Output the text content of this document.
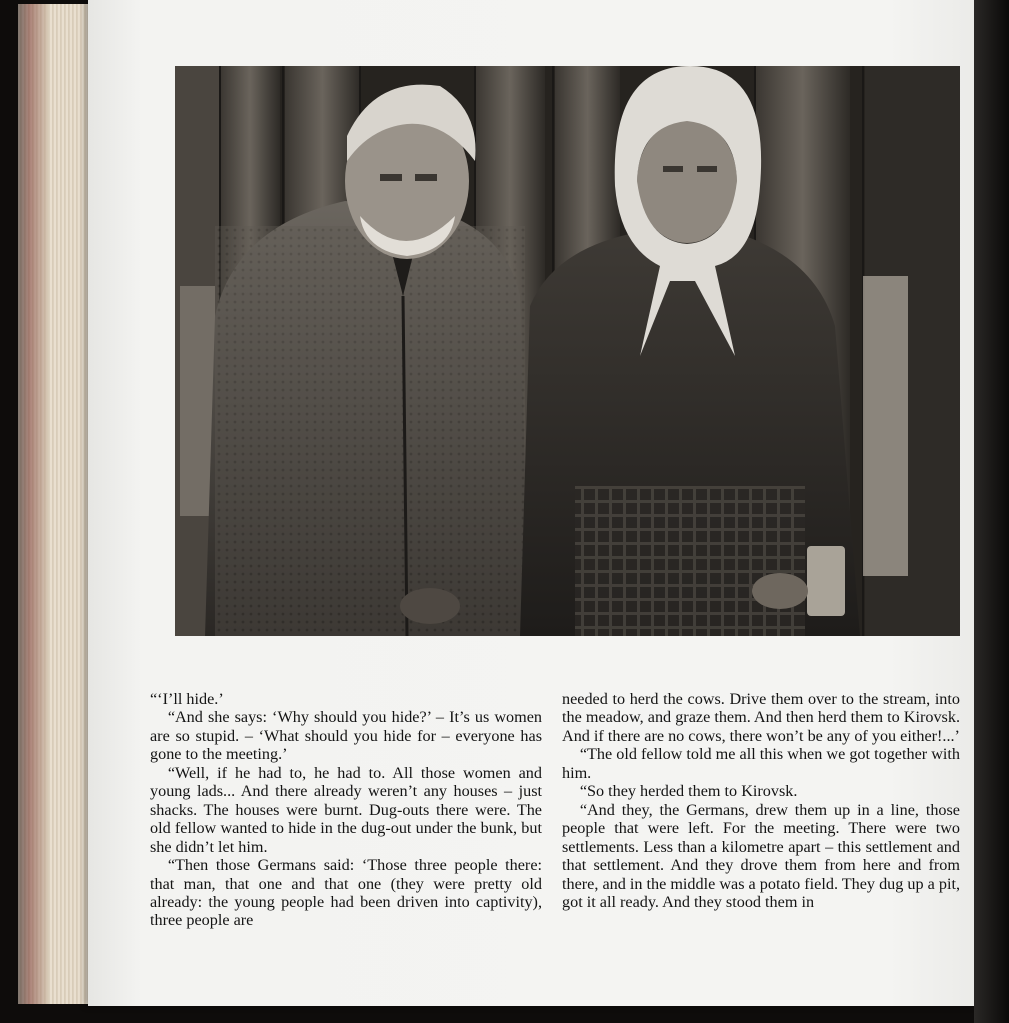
“‘I’ll hide.’

“And she says: ‘Why should you hide?’ – It’s us women are so stupid. – ‘What should you hide for – everyone has gone to the meeting.’

“Well, if he had to, he had to. All those women and young lads... And there already weren’t any houses – just shacks. The houses were burnt. Dug-outs there were. The old fellow wanted to hide in the dug-out under the bunk, but she didn’t let him.

“Then those Germans said: ‘Those three people there: that man, that one and that one (they were pretty old already: the young people had been driven into captivity), three people are

needed to herd the cows. Drive them over to the stream, into the meadow, and graze them. And then herd them to Kirovsk. And if there are no cows, there won’t be any of you either!...’

“The old fellow told me all this when we got together with him.

“So they herded them to Kirovsk.

“And they, the Germans, drew them up in a line, those people that were left. For the meeting. There were two settlements. Less than a kilometre apart – this settlement and that settlement. And they drove them from here and from there, and in the middle was a potato field. They dug up a pit, got it all ready. And they stood them in
